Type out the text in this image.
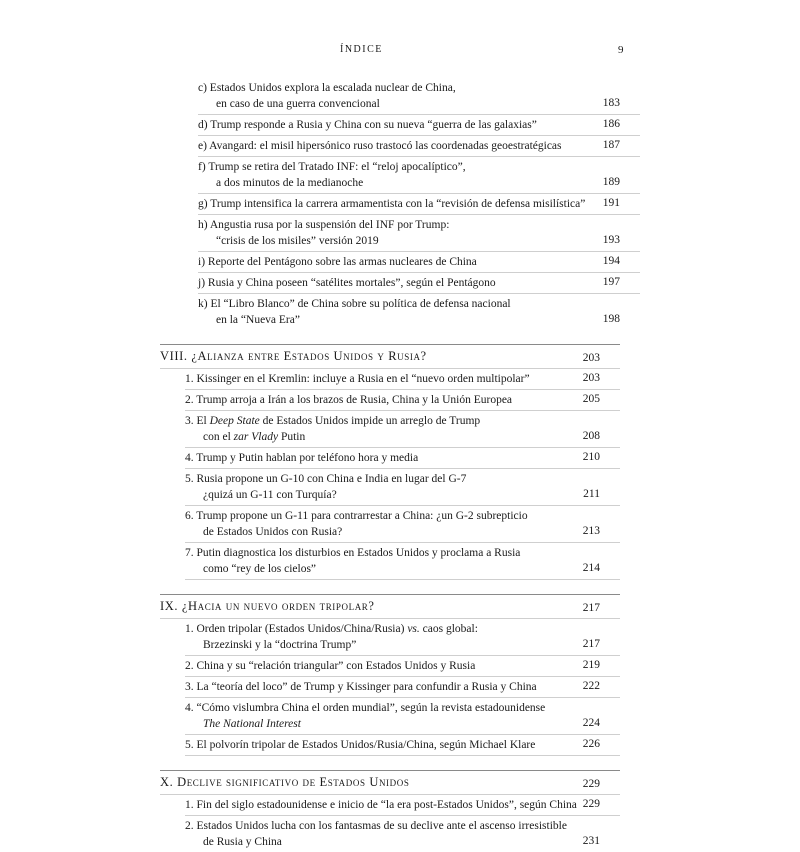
ÍNDICE	9
c) Estados Unidos explora la escalada nuclear de China,
en caso de una guerra convencional	183
d) Trump responde a Rusia y China con su nueva “guerra de las galaxias”	186
e) Avangard: el misil hipersónico ruso trastocó las coordenadas geoestratégicas	187
f) Trump se retira del Tratado INF: el “reloj apocalíptico”,
a dos minutos de la medianoche	189
g) Trump intensifica la carrera armamentista con la “revisión de defensa misilística”	191
h) Angustia rusa por la suspensión del INF por Trump:
“crisis de los misiles” versión 2019	193
i) Reporte del Pentágono sobre las armas nucleares de China	194
j) Rusia y China poseen “satélites mortales”, según el Pentágono	197
k) El “Libro Blanco” de China sobre su política de defensa nacional
en la “Nueva Era”	198
VIII. ¿Alianza entre Estados Unidos y Rusia?	203
1. Kissinger en el Kremlin: incluye a Rusia en el “nuevo orden multipolar”	203
2. Trump arroja a Irán a los brazos de Rusia, China y la Unión Europea	205
3. El Deep State de Estados Unidos impide un arreglo de Trump
con el zar Vlady Putin	208
4. Trump y Putin hablan por teléfono hora y media	210
5. Rusia propone un G-10 con China e India en lugar del G-7
¿quizá un G-11 con Turquía?	211
6. Trump propone un G-11 para contrarrestar a China: ¿un G-2 subrepticio
de Estados Unidos con Rusia?	213
7. Putin diagnostica los disturbios en Estados Unidos y proclama a Rusia
como “rey de los cielos”	214
IX. ¿Hacia un nuevo orden tripolar?	217
1. Orden tripolar (Estados Unidos/China/Rusia) vs. caos global:
Brzezinski y la “doctrina Trump”	217
2. China y su “relación triangular” con Estados Unidos y Rusia	219
3. La “teoría del loco” de Trump y Kissinger para confundir a Rusia y China	222
4. “Cómo vislumbra China el orden mundial”, según la revista estadounidense
The National Interest	224
5. El polvorín tripolar de Estados Unidos/Rusia/China, según Michael Klare	226
X. Declive significativo de Estados Unidos	229
1. Fin del siglo estadounidense e inicio de “la era post-Estados Unidos”, según China 229
2. Estados Unidos lucha con los fantasmas de su declive ante el ascenso irresistible
de Rusia y China	231
